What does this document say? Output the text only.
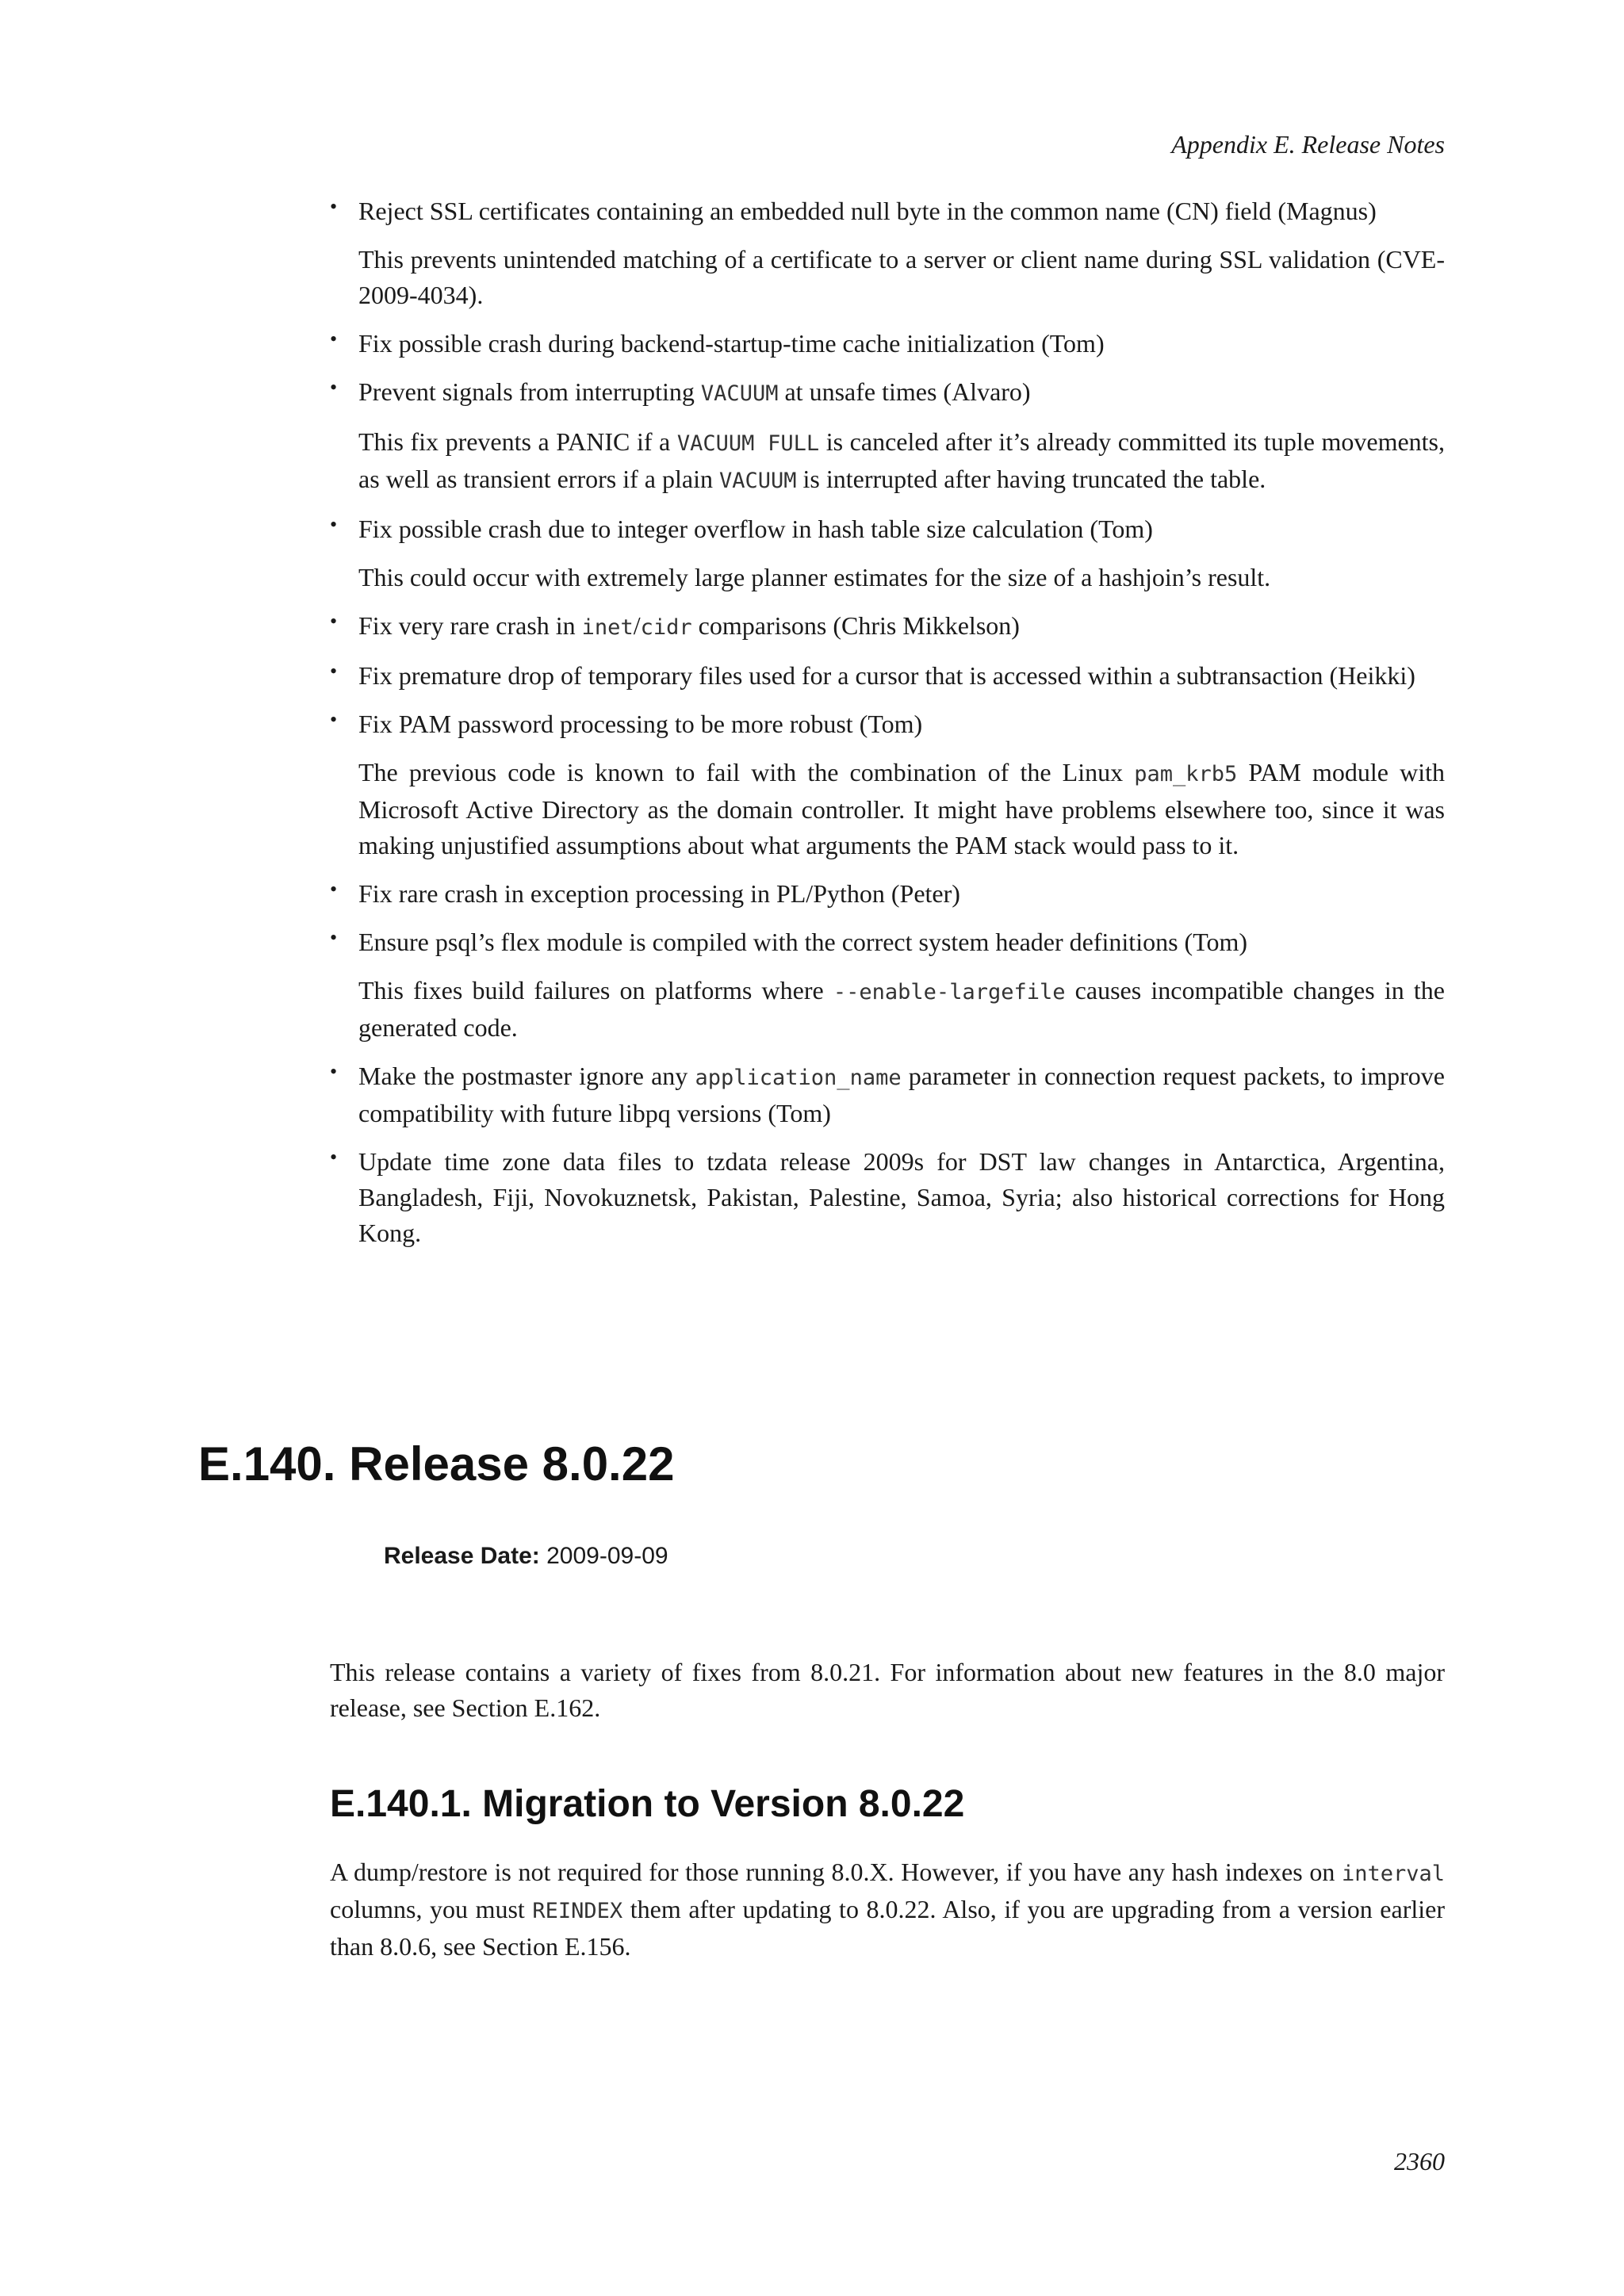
Appendix E. Release Notes

• Reject SSL certificates containing an embedded null byte in the common name (CN) field (Magnus)

This prevents unintended matching of a certificate to a server or client name during SSL validation (CVE-2009-4034).

• Fix possible crash during backend-startup-time cache initialization (Tom)

• Prevent signals from interrupting VACUUM at unsafe times (Alvaro)

This fix prevents a PANIC if a VACUUM FULL is canceled after it’s already committed its tuple movements, as well as transient errors if a plain VACUUM is interrupted after having truncated the table.

• Fix possible crash due to integer overflow in hash table size calculation (Tom)

This could occur with extremely large planner estimates for the size of a hashjoin’s result.

• Fix very rare crash in inet/cidr comparisons (Chris Mikkelson)

• Fix premature drop of temporary files used for a cursor that is accessed within a subtransaction (Heikki)

• Fix PAM password processing to be more robust (Tom)

The previous code is known to fail with the combination of the Linux pam_krb5 PAM module with Microsoft Active Directory as the domain controller. It might have problems elsewhere too, since it was making unjustified assumptions about what arguments the PAM stack would pass to it.

• Fix rare crash in exception processing in PL/Python (Peter)

• Ensure psql’s flex module is compiled with the correct system header definitions (Tom)

This fixes build failures on platforms where --enable-largefile causes incompatible changes in the generated code.

• Make the postmaster ignore any application_name parameter in connection request packets, to improve compatibility with future libpq versions (Tom)

• Update time zone data files to tzdata release 2009s for DST law changes in Antarctica, Argentina, Bangladesh, Fiji, Novokuznetsk, Pakistan, Palestine, Samoa, Syria; also historical corrections for Hong Kong.

E.140. Release 8.0.22

Release Date: 2009-09-09

This release contains a variety of fixes from 8.0.21. For information about new features in the 8.0 major release, see Section E.162.

E.140.1. Migration to Version 8.0.22

A dump/restore is not required for those running 8.0.X. However, if you have any hash indexes on interval columns, you must REINDEX them after updating to 8.0.22. Also, if you are upgrading from a version earlier than 8.0.6, see Section E.156.

2360
